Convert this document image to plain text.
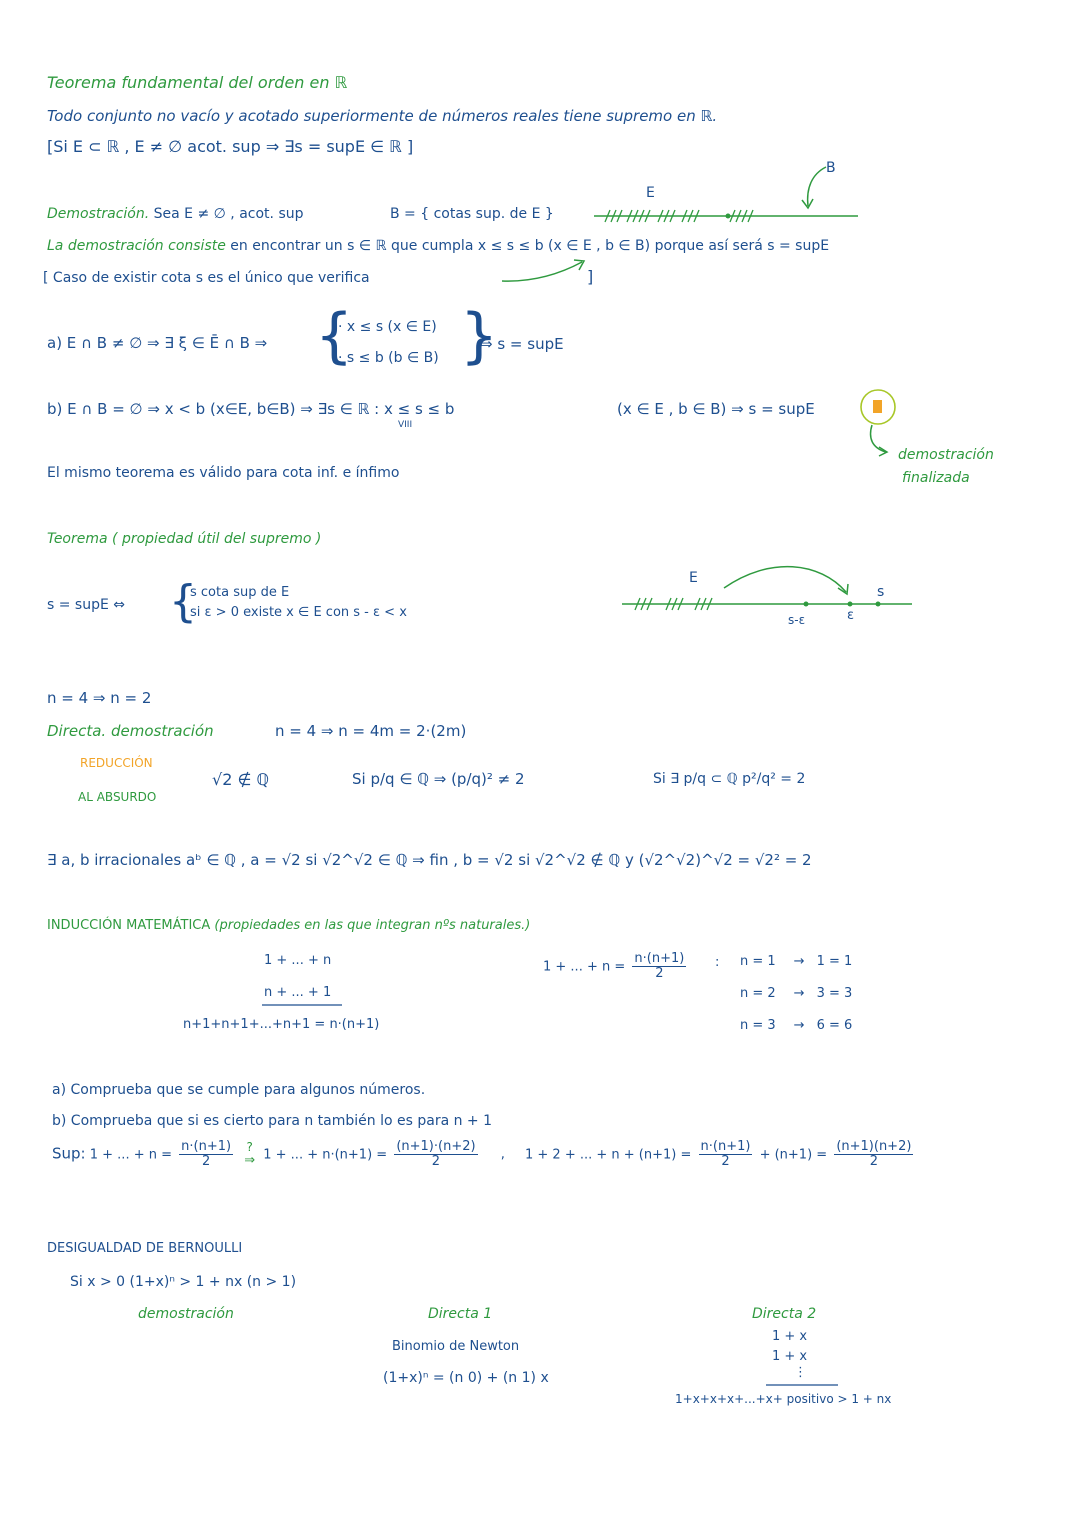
Teorema fundamental del orden en ℝ
Todo conjunto no vacío y acotado superiormente de números reales tiene supremo en ℝ.
[Si E ⊂ ℝ , E ≠ ∅ acot. sup ⇒ ∃s = supE ∈ ℝ ]
E
B
Demostración. Sea E ≠ ∅ , acot. sup	B = { cotas sup. de E }
La demostración consiste en encontrar un s ∈ ℝ que cumpla x ≤ s ≤ b (x ∈ E , b ∈ B) porque así será s = supE
[ Caso de existir cota s es el único que verifica	]
a) E ∩ B ≠ ∅ ⇒ ∃ ξ ∈ Ē ∩ B ⇒ {
· x ≤ s (x ∈ E)
· s ≤ b (b ∈ B) }
⇒ s = supE
b) E ∩ B = ∅ ⇒ x < b (x∈E, b∈B) ⇒ ∃s ∈ ℝ : x ≤ s ≤ b
VIII
(x ∈ E , b ∈ B) ⇒ s = supE
demostración
finalizada
El mismo teorema es válido para cota inf. e ínfimo
Teorema ( propiedad útil del supremo )
s = supE ⇔ {
s cota sup de E
si ε > 0 existe x ∈ E con s - ε < x
E
s
s-ε	ε
n = 4 ⇒ n = 2
Directa. demostración	n = 4 ⇒ n = 4m = 2·(2m)
REDUCCIÓN
AL ABSURDO
√2 ∉ ℚ	Si p/q ∈ ℚ ⇒ (p/q)² ≠ 2	Si ∃ p/q ⊂ ℚ p²/q² = 2
∃ a, b irracionales aᵇ ∈ ℚ , a = √2 si √2^√2 ∈ ℚ ⇒ fin , b = √2 si √2^√2 ∉ ℚ y (√2^√2)^√2 = √2² = 2
INDUCCIÓN MATEMÁTICA (propiedades en las que integran nºs naturales.)
1 + ... + n
n + ... + 1
n+1+n+1+...+n+1 = n·(n+1)
1 + ... + $n = \frac{n\cdot(n+1)}{2}$ : n = 1 → 1 = 1
n = 2 → 3 = 3
n = 3 → 6 = 6
a) Comprueba que se cumple para algunos números.
b) Comprueba que si es cierto para n también lo es para n + 1
Sup: 1 + ... + $n = \frac{n\cdot(n+1)}{2}$
?
⇒ 1 + ... + $n\cdot(n+1) = \frac{(n+1)\cdot(n+2)}{2}$ , 1 + 2 + ... + $n + (n+1) = \frac{n\cdot(n+1)}{2} + (n+1) = \frac{(n+1)(n+2)}{2}$
DESIGUALDAD DE BERNOULLI
Si x > 0 (1+x)ⁿ > 1 + nx (n > 1)
demostración	Directa 1
Binomio de Newton
(1+x)ⁿ = (n 0) + (n 1) x
Directa 2
1 + x
1 + x
⋮
1+x+x+x+...+x+ positivo > 1 + nx
